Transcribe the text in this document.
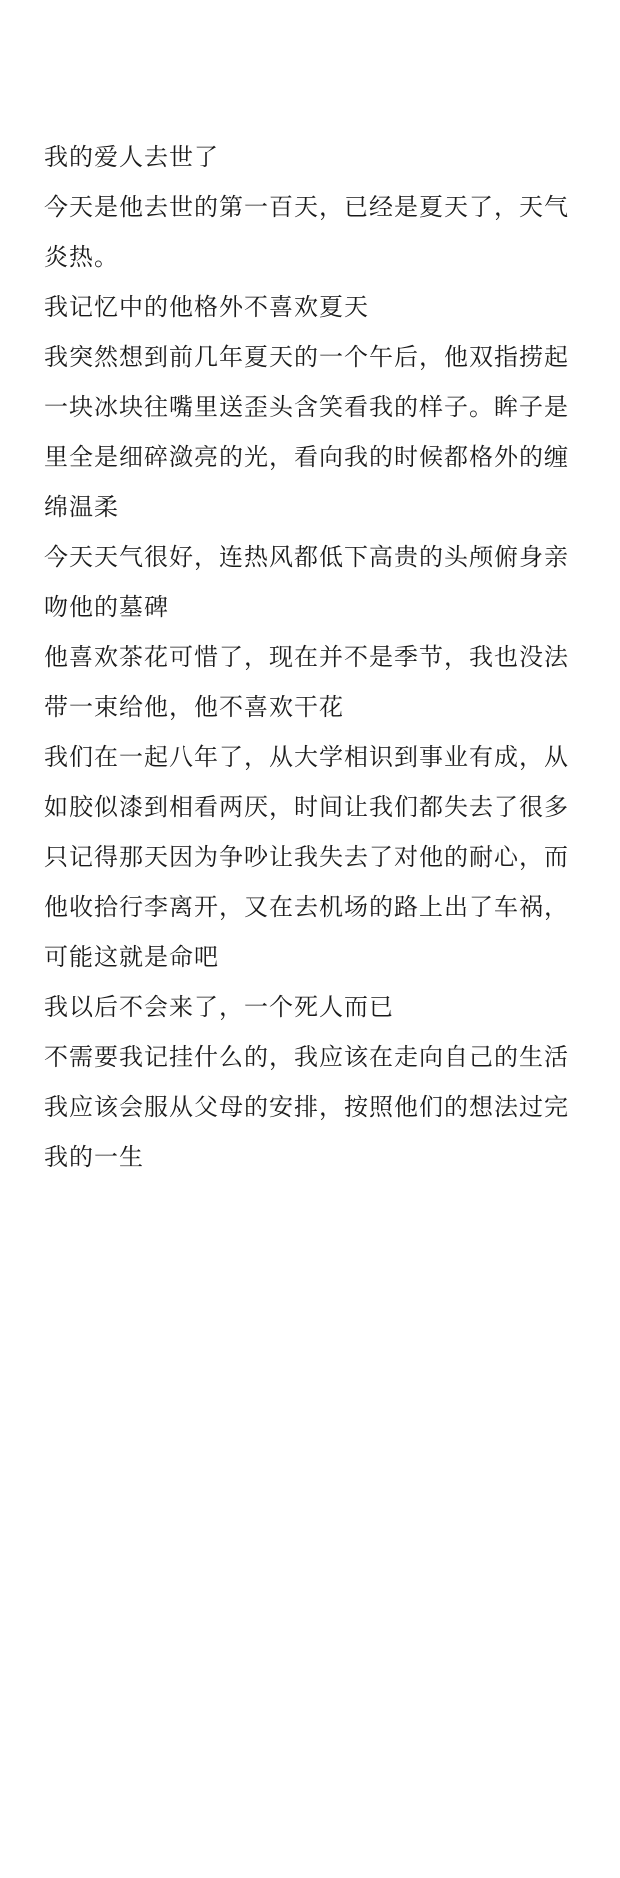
我的爱人去世了

今天是他去世的第一百天，已经是夏天了，天气炎热。

我记忆中的他格外不喜欢夏天

我突然想到前几年夏天的一个午后，他双指捞起一块冰块往嘴里送歪头含笑看我的样子。眸子是里全是细碎潋亮的光，看向我的时候都格外的缠绵温柔

今天天气很好，连热风都低下高贵的头颅俯身亲吻他的墓碑

他喜欢茶花可惜了，现在并不是季节，我也没法带一束给他，他不喜欢干花

我们在一起八年了，从大学相识到事业有成，从如胶似漆到相看两厌，时间让我们都失去了很多

只记得那天因为争吵让我失去了对他的耐心，而他收拾行李离开，又在去机场的路上出了车祸，可能这就是命吧

我以后不会来了，一个死人而已

不需要我记挂什么的，我应该在走向自己的生活

我应该会服从父母的安排，按照他们的想法过完我的一生
